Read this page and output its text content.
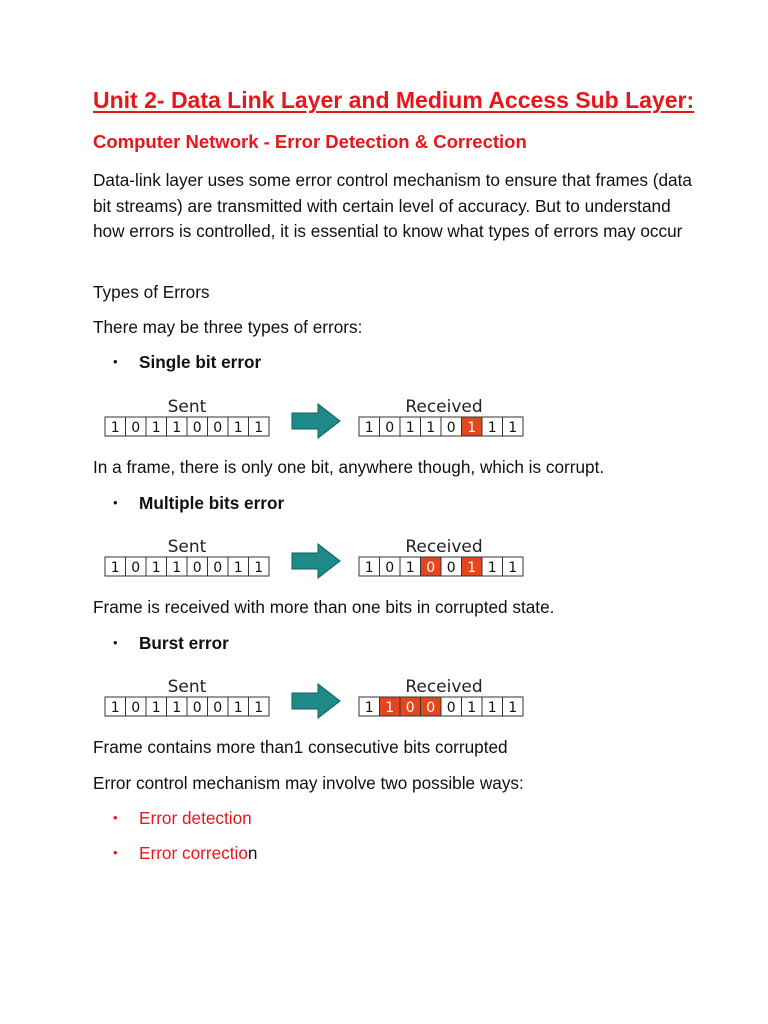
Unit 2- Data Link Layer and Medium Access Sub Layer:
Computer Network - Error Detection & Correction
Data-link layer uses some error control mechanism to ensure that frames (data bit streams) are transmitted with certain level of accuracy. But to understand how errors is controlled, it is essential to know what types of errors may occur
Types of Errors
There may be three types of errors:
• Single bit error
Sent
1 0 1 1 0 0 1 1
Received
1 0 1 1 0 1 1 1
In a frame, there is only one bit, anywhere though, which is corrupt.
• Multiple bits error
Sent
1 0 1 1 0 0 1 1
Received
1 0 1 0 0 1 1 1
Frame is received with more than one bits in corrupted state.
• Burst error
Sent
1 0 1 1 0 0 1 1
Received
1 1 0 0 0 1 1 1
Frame contains more than1 consecutive bits corrupted
Error control mechanism may involve two possible ways:
• Error detection
• Error correction
